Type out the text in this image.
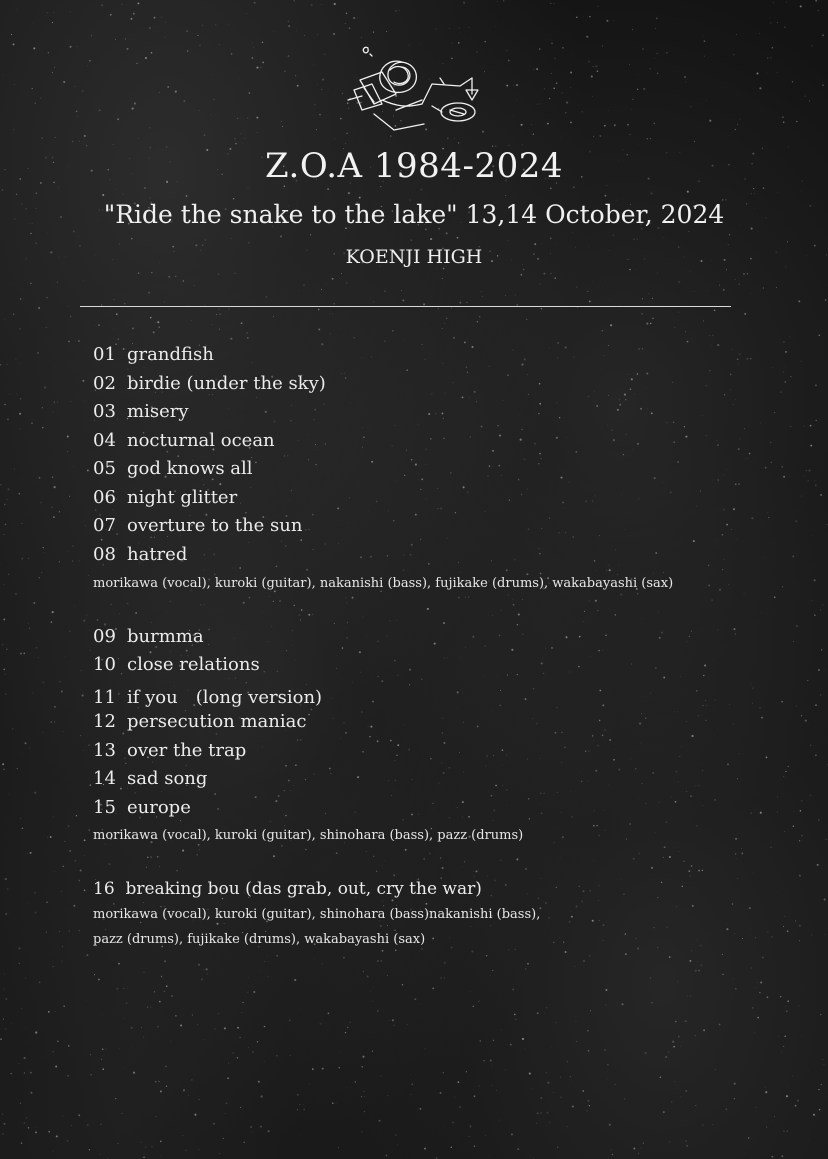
Z.O.A 1984-2024
"Ride the snake to the lake" 13,14 October, 2024
KOENJI HIGH
01 grandfish
02 birdie (under the sky)
03 misery
04 nocturnal ocean
05 god knows all
06 night glitter
07 overture to the sun
08 hatred
morikawa (vocal), kuroki (guitar), nakanishi (bass), fujikake (drums), wakabayashi (sax)
09 burmma
10 close relations
11 if you　(long version)
12 persecution maniac
13 over the trap
14 sad song
15 europe
morikawa (vocal), kuroki (guitar), shinohara (bass), pazz (drums)
16  breaking bou (das grab, out, cry the war)
morikawa (vocal), kuroki (guitar), shinohara (bass)nakanishi (bass),
pazz (drums), fujikake (drums), wakabayashi (sax)
